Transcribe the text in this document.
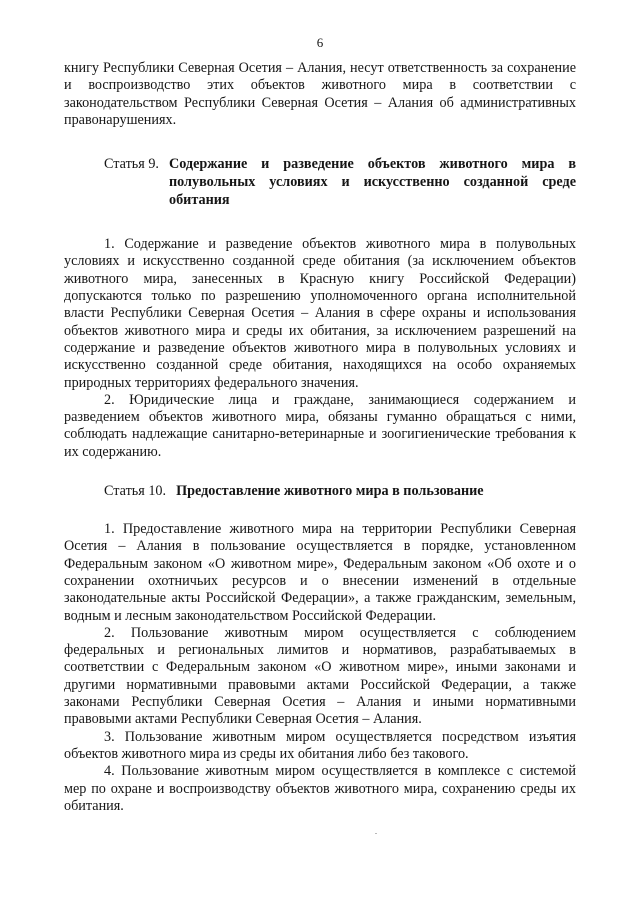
6

книгу Республики Северная Осетия – Алания, несут ответственность за сохранение и воспроизводство этих объектов животного мира в соответствии с законодательством Республики Северная Осетия – Алания об административных правонарушениях.

Статья 9. Содержание и разведение объектов животного мира в полувольных условиях и искусственно созданной среде обитания

1. Содержание и разведение объектов животного мира в полувольных условиях и искусственно созданной среде обитания (за исключением объектов животного мира, занесенных в Красную книгу Российской Федерации) допускаются только по разрешению уполномоченного органа исполнительной власти Республики Северная Осетия – Алания в сфере охраны и использования объектов животного мира и среды их обитания, за исключением разрешений на содержание и разведение объектов животного мира в полувольных условиях и искусственно созданной среде обитания, находящихся на особо охраняемых природных территориях федерального значения.

2. Юридические лица и граждане, занимающиеся содержанием и разведением объектов животного мира, обязаны гуманно обращаться с ними, соблюдать надлежащие санитарно-ветеринарные и зоогигиенические требования к их содержанию.

Статья 10. Предоставление животного мира в пользование

1. Предоставление животного мира на территории Республики Северная Осетия – Алания в пользование осуществляется в порядке, установленном Федеральным законом «О животном мире», Федеральным законом «Об охоте и о сохранении охотничьих ресурсов и о внесении изменений в отдельные законодательные акты Российской Федерации», а также гражданским, земельным, водным и лесным законодательством Российской Федерации.

2. Пользование животным миром осуществляется с соблюдением федеральных и региональных лимитов и нормативов, разрабатываемых в соответствии с Федеральным законом «О животном мире», иными законами и другими нормативными правовыми актами Российской Федерации, а также законами Республики Северная Осетия – Алания и иными нормативными правовыми актами Республики Северная Осетия – Алания.

3. Пользование животным миром осуществляется посредством изъятия объектов животного мира из среды их обитания либо без такового.

4. Пользование животным миром осуществляется в комплексе с системой мер по охране и воспроизводству объектов животного мира, сохранению среды их обитания.
